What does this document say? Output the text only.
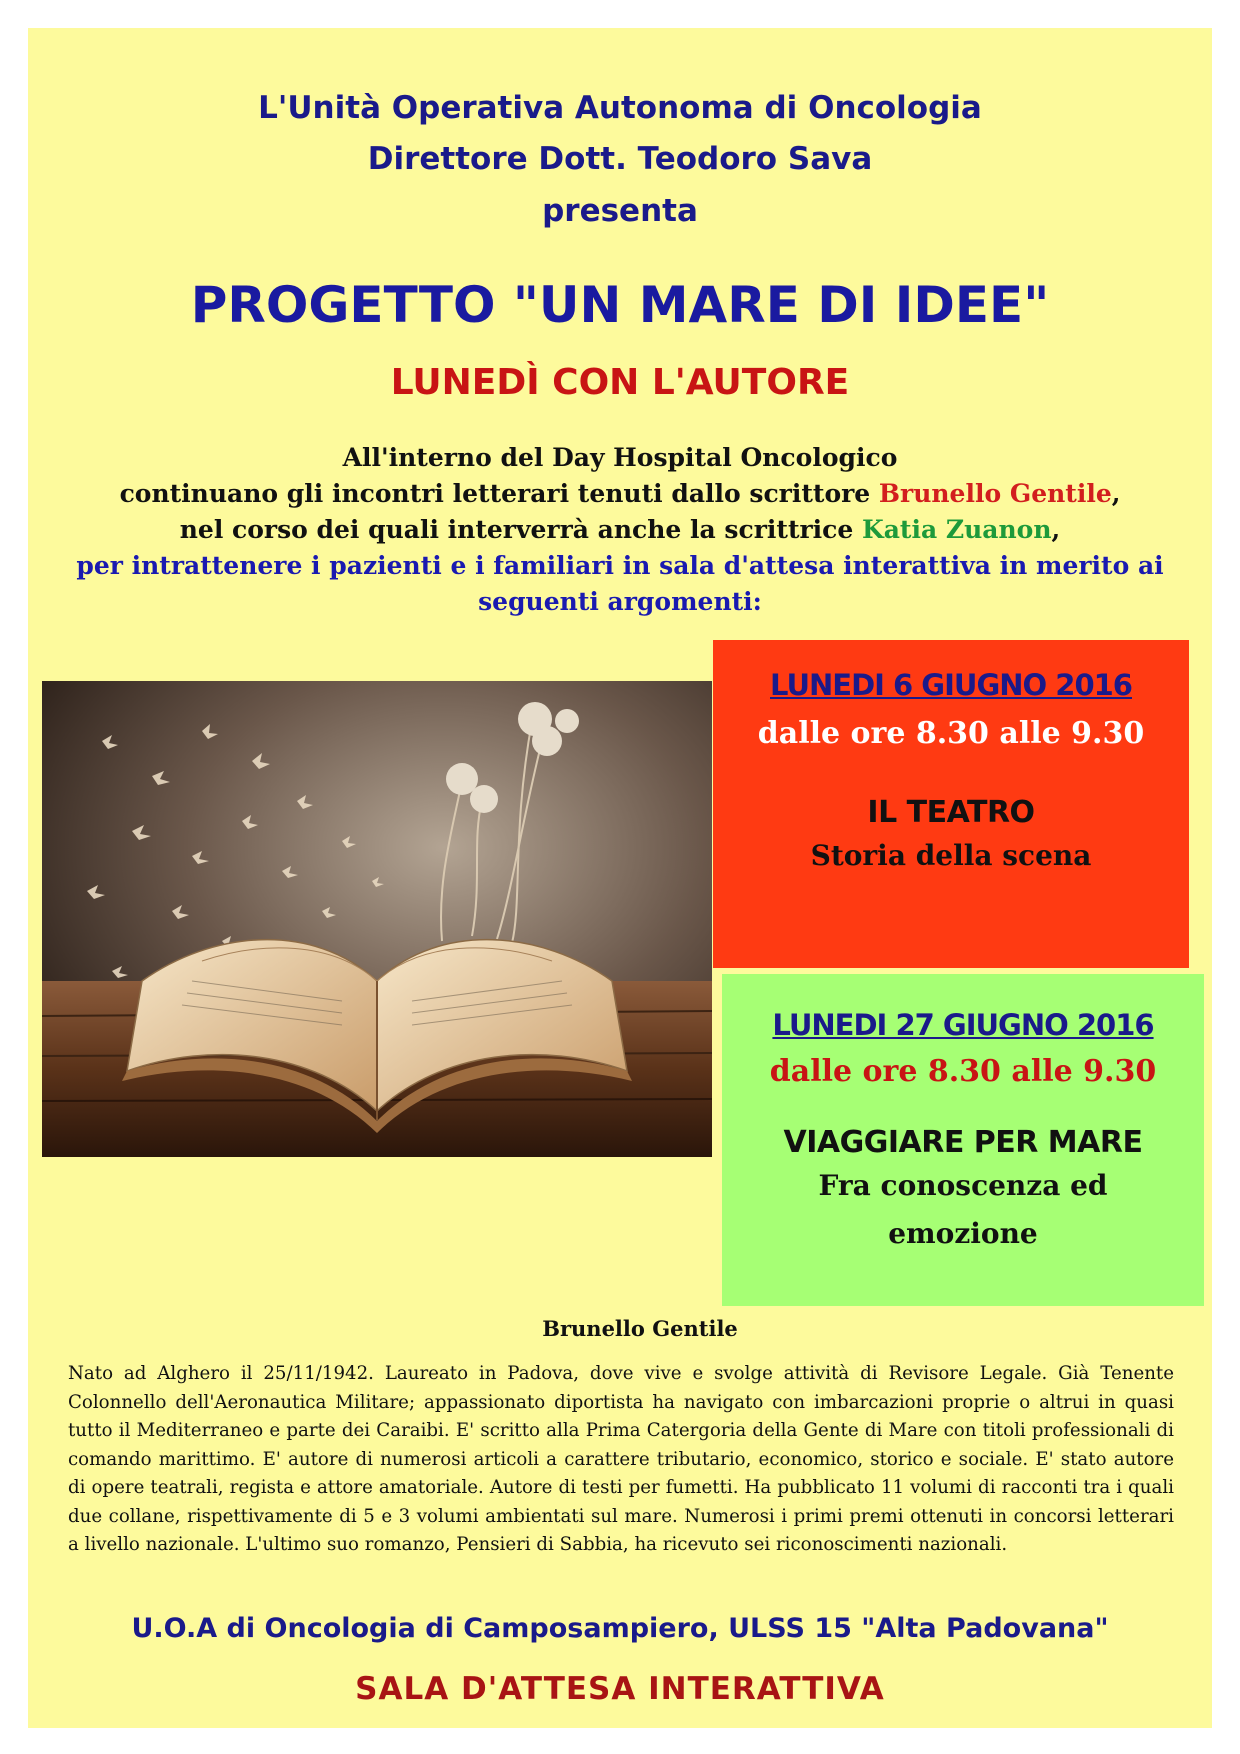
L'Unità Operativa Autonoma di Oncologia
Direttore Dott. Teodoro Sava
presenta
PROGETTO "UN MARE DI IDEE"
LUNEDÌ CON L'AUTORE
All'interno del Day Hospital Oncologico
continuano gli incontri letterari tenuti dallo scrittore Brunello Gentile,
nel corso dei quali interverrà anche la scrittrice Katia Zuanon,
per intrattenere i pazienti e i familiari in sala d'attesa interattiva in merito ai
seguenti argomenti:
LUNEDI 6 GIUGNO 2016
dalle ore 8.30 alle 9.30
IL TEATRO
Storia della scena
LUNEDI 27 GIUGNO 2016
dalle ore 8.30 alle 9.30
VIAGGIARE PER MARE
Fra conoscenza ed
emozione
Brunello Gentile
Nato ad Alghero il 25/11/1942. Laureato in Padova, dove vive e svolge attività di Revisore Legale. Già Tenente Colonnello dell'Aeronautica Militare; appassionato diportista ha navigato con imbarcazioni proprie o altrui in quasi tutto il Mediterraneo e parte dei Caraibi. E' scritto alla Prima Catergoria della Gente di Mare con titoli professionali di comando marittimo. E' autore di numerosi articoli a carattere tributario, economico, storico e sociale. E' stato autore di opere teatrali, regista e attore amatoriale. Autore di testi per fumetti. Ha pubblicato 11 volumi di racconti tra i quali due collane, rispettivamente di 5 e 3 volumi ambientati sul mare. Numerosi i primi premi ottenuti in concorsi letterari a livello nazionale. L'ultimo suo romanzo, Pensieri di Sabbia, ha ricevuto sei riconoscimenti nazionali.
U.O.A di Oncologia di Camposampiero, ULSS 15 "Alta Padovana"
SALA D'ATTESA INTERATTIVA
